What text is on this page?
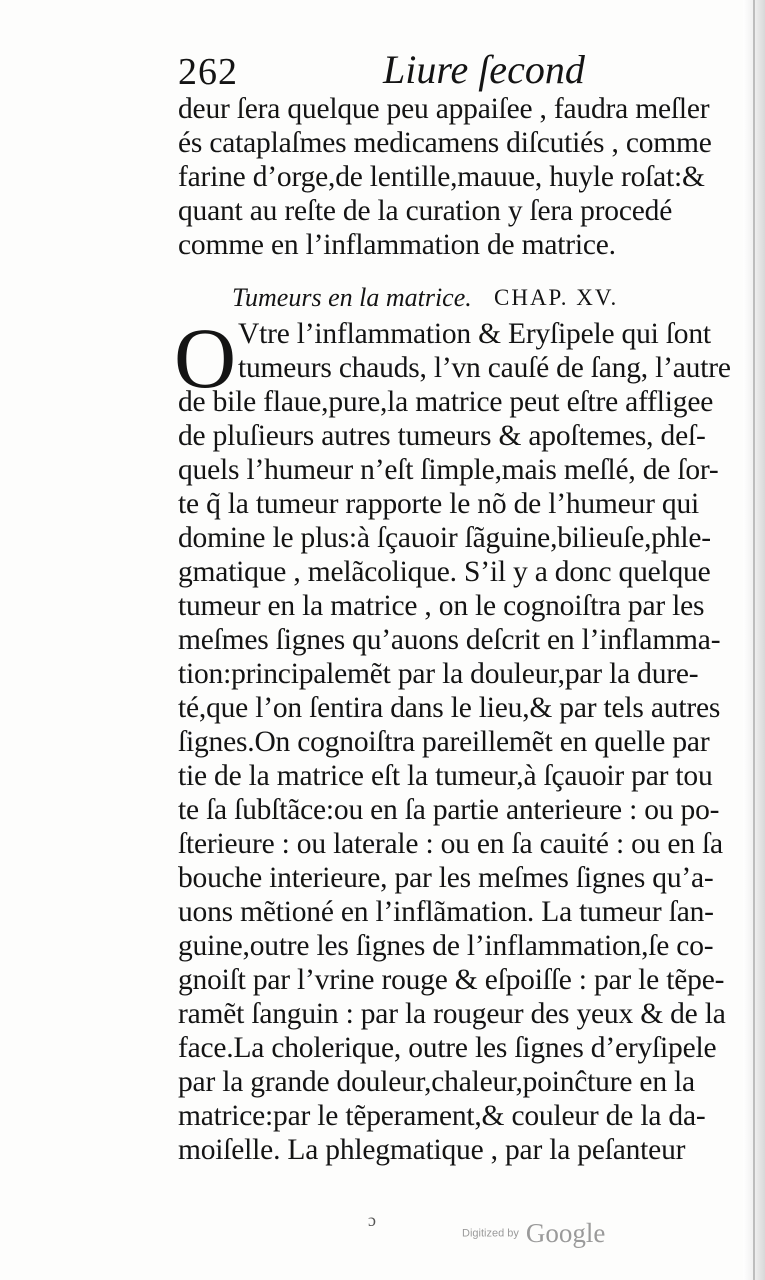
262	Liure ſecond
deur ſera quelque peu appaiſee , faudra meſler
és cataplaſmes medicamens diſcutiés , comme
farine d’orge,de lentille,mauue, huyle roſat:&
quant au reſte de la curation y ſera procedé
comme en l’inflammation de matrice.
Tumeurs en la matrice. CHAP. XV.
O Vtre l’inflammation & Eryſipele qui ſont
tumeurs chauds, l’vn cauſé de ſang, l’autre
de bile flaue,pure,la matrice peut eſtre affligee
de pluſieurs autres tumeurs & apoſtemes, deſ-
quels l’humeur n’eſt ſimple,mais meſlé, de ſor-
te q̃ la tumeur rapporte le nõ de l’humeur qui
domine le plus:à ſçauoir ſãguine,bilieuſe,phle-
gmatique , melãcolique. S’il y a donc quelque
tumeur en la matrice , on le cognoiſtra par les
meſmes ſignes qu’auons deſcrit en l’inflamma-
tion:principalemẽt par la douleur,par la dure-
té,que l’on ſentira dans le lieu,& par tels autres
ſignes.On cognoiſtra pareillemẽt en quelle par
tie de la matrice eſt la tumeur,à ſçauoir par tou
te ſa ſubſtãce:ou en ſa partie anterieure : ou po-
ſterieure : ou laterale : ou en ſa cauité : ou en ſa
bouche interieure, par les meſmes ſignes qu’a-
uons mẽtioné en l’inflãmation. La tumeur ſan-
guine,outre les ſignes de l’inflammation,ſe co-
gnoiſt par l’vrine rouge & eſpoiſſe : par le tẽpe-
ramẽt ſanguin : par la rougeur des yeux & de la
face.La cholerique, outre les ſignes d’eryſipele
par la grande douleur,chaleur,poinĉture en la
matrice:par le tẽperament,& couleur de la da-
moiſelle. La phlegmatique , par la peſanteur
ɔ
Digitized by Google
